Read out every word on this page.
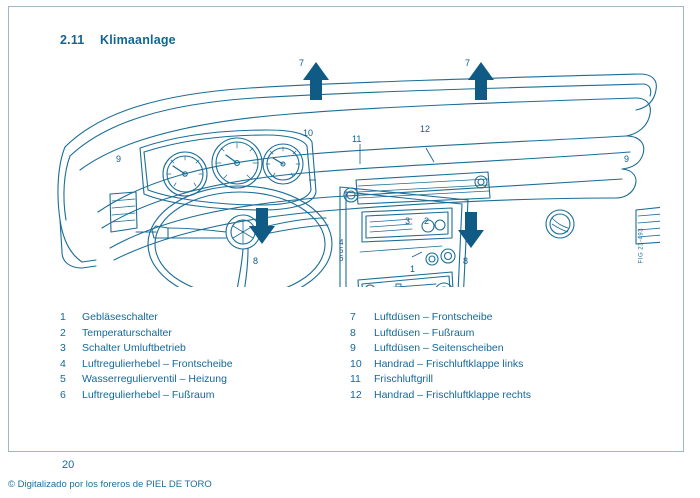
2.11 Klimaanlage
7	7
9	9
10
11
12
8	8
1
2
3
4
5
6	FIG 23-493
1	Gebläseschalter
2	Temperaturschalter
3	Schalter Umluftbetrieb
4	Luftregulierhebel – Frontscheibe
5	Wasserregulierventil – Heizung
6	Luftregulierhebel – Fußraum
7	Luftdüsen – Frontscheibe
8	Luftdüsen – Fußraum
9	Luftdüsen – Seitenscheiben
10	Handrad – Frischluftklappe links
11	Frischluftgrill
12	Handrad – Frischluftklappe rechts
20
© Digitalizado por los foreros de PIEL DE TORO
